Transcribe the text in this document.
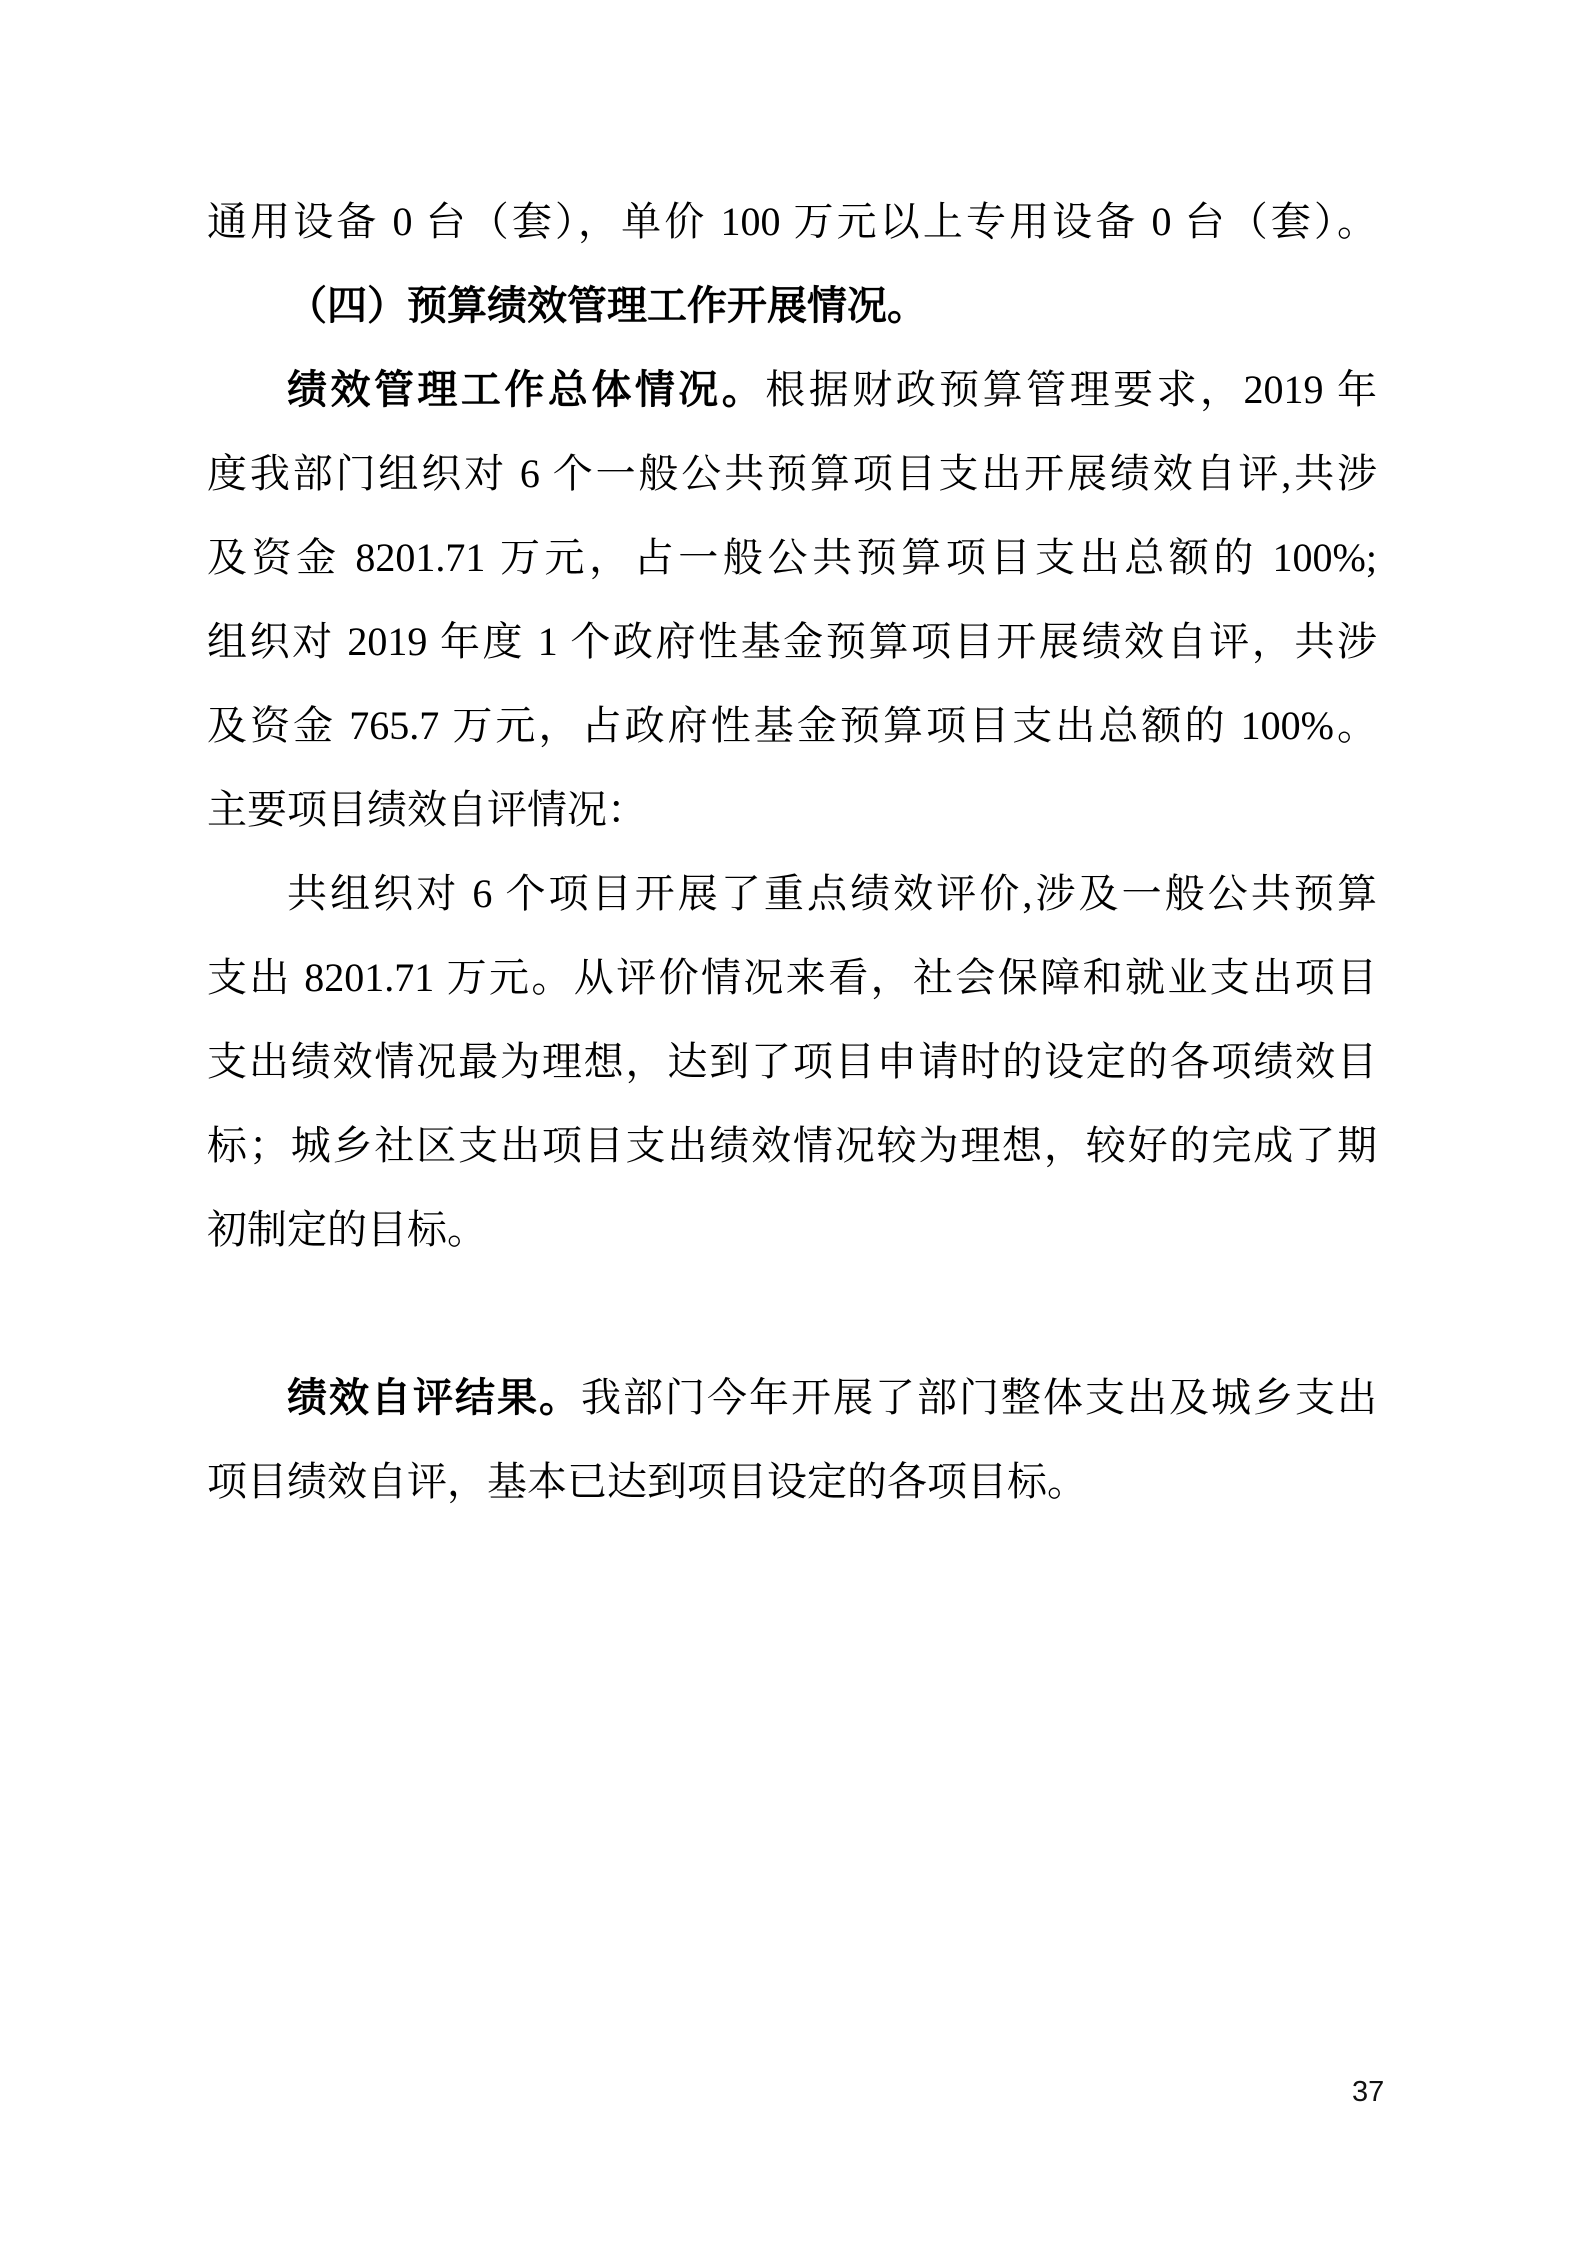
通用设备 0 台（套），单价 100 万元以上专用设备 0 台（套）。
（四）预算绩效管理工作开展情况。
绩效管理工作总体情况。根据财政预算管理要求，2019 年
度我部门组织对 6 个一般公共预算项目支出开展绩效自评,共涉
及资金 8201.71 万元，占一般公共预算项目支出总额的 100%;
组织对 2019 年度 1 个政府性基金预算项目开展绩效自评，共涉
及资金 765.7 万元，占政府性基金预算项目支出总额的 100%。
主要项目绩效自评情况：
共组织对 6 个项目开展了重点绩效评价,涉及一般公共预算
支出 8201.71 万元。从评价情况来看，社会保障和就业支出项目
支出绩效情况最为理想，达到了项目申请时的设定的各项绩效目
标；城乡社区支出项目支出绩效情况较为理想，较好的完成了期
初制定的目标。
绩效自评结果。我部门今年开展了部门整体支出及城乡支出
项目绩效自评，基本已达到项目设定的各项目标。
37
